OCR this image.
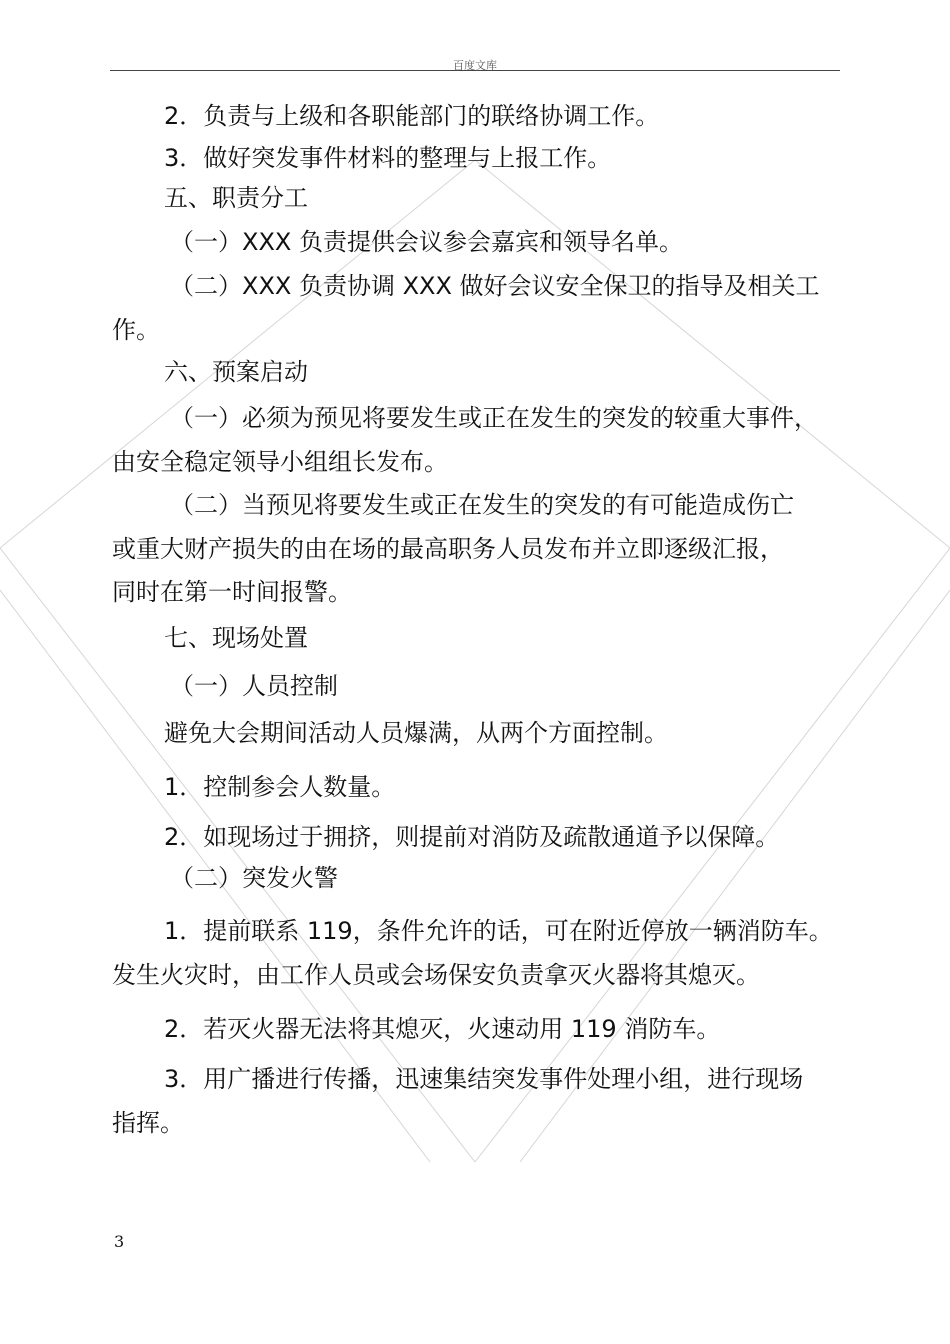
百度文库
2．负责与上级和各职能部门的联络协调工作。
3．做好突发事件材料的整理与上报工作。
五、职责分工
（一）XXX 负责提供会议参会嘉宾和领导名单。
（二）XXX 负责协调 XXX 做好会议安全保卫的指导及相关工
作。
六、预案启动
（一）必须为预见将要发生或正在发生的突发的较重大事件，
由安全稳定领导小组组长发布。
（二）当预见将要发生或正在发生的突发的有可能造成伤亡
或重大财产损失的由在场的最高职务人员发布并立即逐级汇报，
同时在第一时间报警。
七、现场处置
（一）人员控制
避免大会期间活动人员爆满，从两个方面控制。
1．控制参会人数量。
2．如现场过于拥挤，则提前对消防及疏散通道予以保障。
（二）突发火警
1．提前联系 119，条件允许的话，可在附近停放一辆消防车。
发生火灾时，由工作人员或会场保安负责拿灭火器将其熄灭。
2．若灭火器无法将其熄灭，火速动用 119 消防车。
3．用广播进行传播，迅速集结突发事件处理小组，进行现场
指挥。
3
